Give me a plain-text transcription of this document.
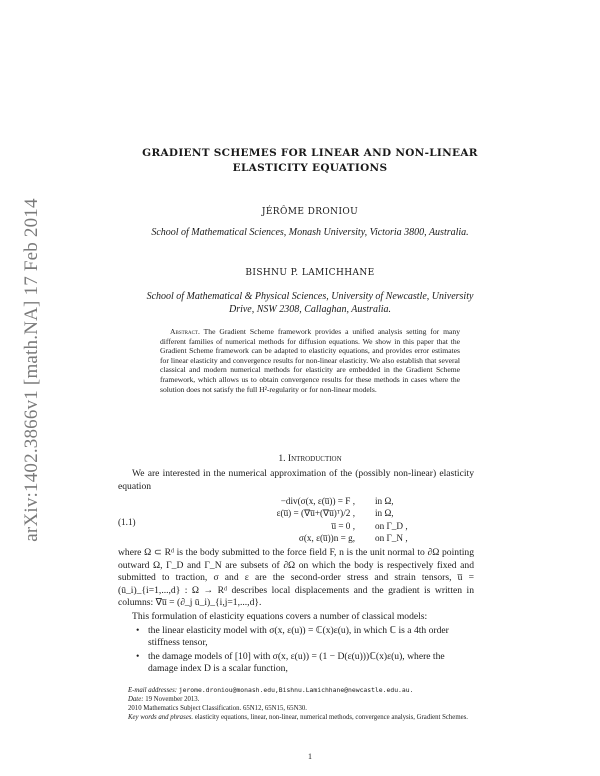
arXiv:1402.3866v1 [math.NA] 17 Feb 2014
GRADIENT SCHEMES FOR LINEAR AND NON-LINEAR
ELASTICITY EQUATIONS
JÉRÔME DRONIOU
School of Mathematical Sciences, Monash University, Victoria 3800, Australia.
BISHNU P. LAMICHHANE
School of Mathematical & Physical Sciences, University of Newcastle, University
Drive, NSW 2308, Callaghan, Australia.
Abstract. The Gradient Scheme framework provides a unified analysis setting for many different families of numerical methods for diffusion equations. We show in this paper that the Gradient Scheme framework can be adapted to elasticity equations, and provides error estimates for linear elasticity and convergence results for non-linear elasticity. We also establish that several classical and modern numerical methods for elasticity are embedded in the Gradient Scheme framework, which allows us to obtain convergence results for these methods in cases where the solution does not satisfy the full H²-regularity or for non-linear models.
1. Introduction
We are interested in the numerical approximation of the (possibly non-linear) elasticity equation
(1.1)
−div(σ(x, ε(u̅)) = F , in Ω,
ε(u̅) = (∇u̅+(∇u̅)ᵀ)/2 , in Ω,
u̅ = 0 , on Γ_D ,
σ(x, ε(u̅))n = g, on Γ_N ,
where Ω ⊂ Rᵈ is the body submitted to the force field F, n is the unit normal to ∂Ω pointing outward Ω, Γ_D and Γ_N are subsets of ∂Ω on which the body is respectively fixed and submitted to traction, σ and ε are the second-order stress and strain tensors, u̅ = (ū_i)_{i=1,...,d} : Ω → Rᵈ describes local displacements and the gradient is written in columns: ∇u̅ = (∂_j ū_i)_{i,j=1,...,d}.
This formulation of elasticity equations covers a number of classical models:
• the linear elasticity model with σ(x, ε(u)) = ℂ(x)ε(u), in which ℂ is a 4th order stiffness tensor,
• the damage models of [10] with σ(x, ε(u)) = (1 − D(ε(u)))ℂ(x)ε(u), where the damage index D is a scalar function,
E-mail addresses: jerome.droniou@monash.edu,Bishnu.Lamichhane@newcastle.edu.au.
Date: 19 November 2013.
2010 Mathematics Subject Classification. 65N12, 65N15, 65N30.
Key words and phrases. elasticity equations, linear, non-linear, numerical methods, convergence analysis, Gradient Schemes.
1
